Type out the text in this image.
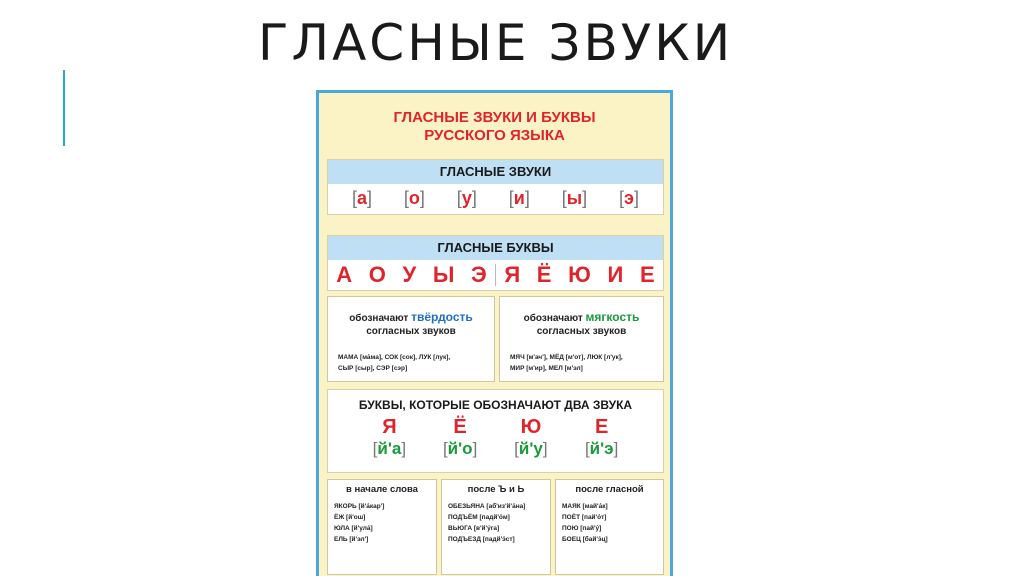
ГЛАСНЫЕ ЗВУКИ
ГЛАСНЫЕ ЗВУКИ И БУКВЫ
РУССКОГО ЯЗЫКА
ГЛАСНЫЕ ЗВУКИ
[а] [о] [у] [и] [ы] [э]
ГЛАСНЫЕ БУКВЫ
А О У Ы Э Я Ё Ю И Е
обозначают твёрдость
согласных звуков
МАМА [ма́ма], СОК [сок], ЛУК [лук],
СЫР [сыр], СЭР [сэр]
обозначают мягкость
согласных звуков
МЯЧ [м'ач'], МЁД [м'от], ЛЮК [л'ук],
МИР [м'ир], МЕЛ [м'эл]
БУКВЫ, КОТОРЫЕ ОБОЗНАЧАЮТ ДВА ЗВУКА
Я	Ё	Ю	Е
[й'а]	[й'о]	[й'у]	[й'э]
в начале слова
ЯКОРЬ [й'а́кар']
ЁЖ [й'ош]
ЮЛА [й'ула́]
ЕЛЬ [й'эл']
после Ъ и Ь
ОБЕЗЬЯНА [аб'из'й'а́на]
ПОДЪЁМ [падй'о́м]
ВЬЮГА [в'й'у́га]
ПОДЪЕЗД [падй'э́ст]
после гласной
МАЯК [май'а́к]
ПОЁТ [пай'о́т]
ПОЮ [пай'у́]
БОЕЦ [бай'э́ц]
